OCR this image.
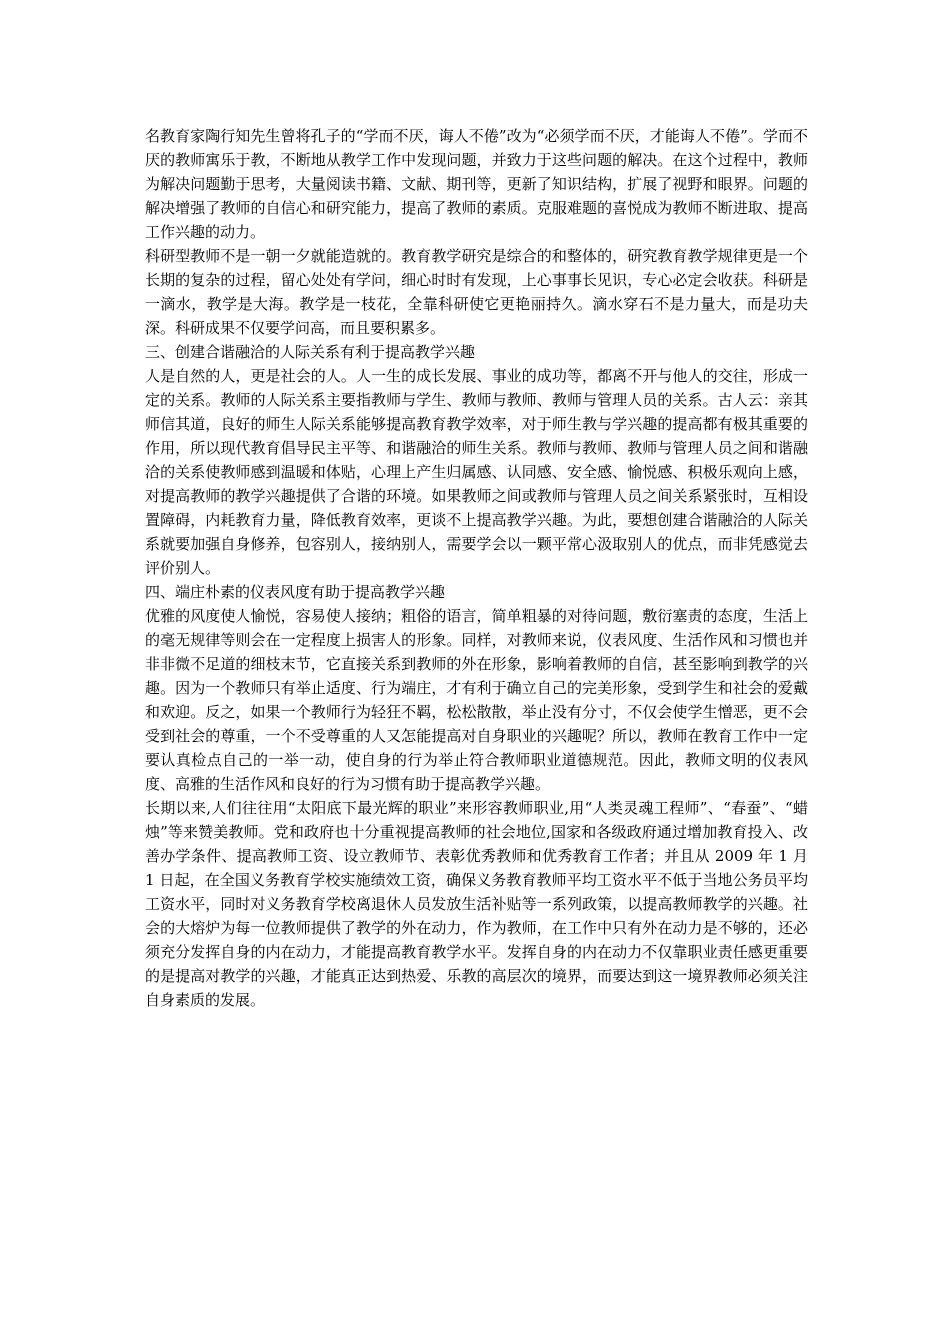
名教育家陶行知先生曾将孔子的“学而不厌，诲人不倦”改为“必须学而不厌，才能诲人不倦”。学而不厌的教师寓乐于教，不断地从教学工作中发现问题，并致力于这些问题的解决。在这个过程中，教师为解决问题勤于思考，大量阅读书籍、文献、期刊等，更新了知识结构，扩展了视野和眼界。问题的解决增强了教师的自信心和研究能力，提高了教师的素质。克服难题的喜悦成为教师不断进取、提高工作兴趣的动力。

科研型教师不是一朝一夕就能造就的。教育教学研究是综合的和整体的，研究教育教学规律更是一个长期的复杂的过程，留心处处有学问，细心时时有发现，上心事事长见识，专心必定会收获。科研是一滴水，教学是大海。教学是一枝花，全靠科研使它更艳丽持久。滴水穿石不是力量大，而是功夫深。科研成果不仅要学问高，而且要积累多。

三、创建合谐融洽的人际关系有利于提高教学兴趣

人是自然的人，更是社会的人。人一生的成长发展、事业的成功等，都离不开与他人的交往，形成一定的关系。教师的人际关系主要指教师与学生、教师与教师、教师与管理人员的关系。古人云：亲其师信其道，良好的师生人际关系能够提高教育教学效率，对于师生教与学兴趣的提高都有极其重要的作用，所以现代教育倡导民主平等、和谐融洽的师生关系。教师与教师、教师与管理人员之间和谐融洽的关系使教师感到温暖和体贴，心理上产生归属感、认同感、安全感、愉悦感、积极乐观向上感，对提高教师的教学兴趣提供了合谐的环境。如果教师之间或教师与管理人员之间关系紧张时，互相设置障碍，内耗教育力量，降低教育效率，更谈不上提高教学兴趣。为此，要想创建合谐融洽的人际关系就要加强自身修养，包容别人，接纳别人，需要学会以一颗平常心汲取别人的优点，而非凭感觉去评价别人。

四、端庄朴素的仪表风度有助于提高教学兴趣

优雅的风度使人愉悦，容易使人接纳；粗俗的语言，简单粗暴的对待问题，敷衍塞责的态度，生活上的毫无规律等则会在一定程度上损害人的形象。同样，对教师来说，仪表风度、生活作风和习惯也并非非微不足道的细枝末节，它直接关系到教师的外在形象，影响着教师的自信，甚至影响到教学的兴趣。因为一个教师只有举止适度、行为端庄，才有利于确立自己的完美形象，受到学生和社会的爱戴和欢迎。反之，如果一个教师行为轻狂不羁，松松散散，举止没有分寸，不仅会使学生憎恶，更不会受到社会的尊重，一个不受尊重的人又怎能提高对自身职业的兴趣呢？所以，教师在教育工作中一定要认真检点自己的一举一动，使自身的行为举止符合教师职业道德规范。因此，教师文明的仪表风度、高雅的生活作风和良好的行为习惯有助于提高教学兴趣。

长期以来,人们往往用“太阳底下最光辉的职业”来形容教师职业,用“人类灵魂工程师”、“春蚕”、“蜡烛”等来赞美教师。党和政府也十分重视提高教师的社会地位,国家和各级政府通过增加教育投入、改善办学条件、提高教师工资、设立教师节、表彰优秀教师和优秀教育工作者；并且从 2009 年 1 月 1 日起，在全国义务教育学校实施绩效工资，确保义务教育教师平均工资水平不低于当地公务员平均工资水平，同时对义务教育学校离退休人员发放生活补贴等一系列政策，以提高教师教学的兴趣。社会的大熔炉为每一位教师提供了教学的外在动力，作为教师，在工作中只有外在动力是不够的，还必须充分发挥自身的内在动力，才能提高教育教学水平。发挥自身的内在动力不仅靠职业责任感更重要的是提高对教学的兴趣，才能真正达到热爱、乐教的高层次的境界，而要达到这一境界教师必须关注自身素质的发展。
